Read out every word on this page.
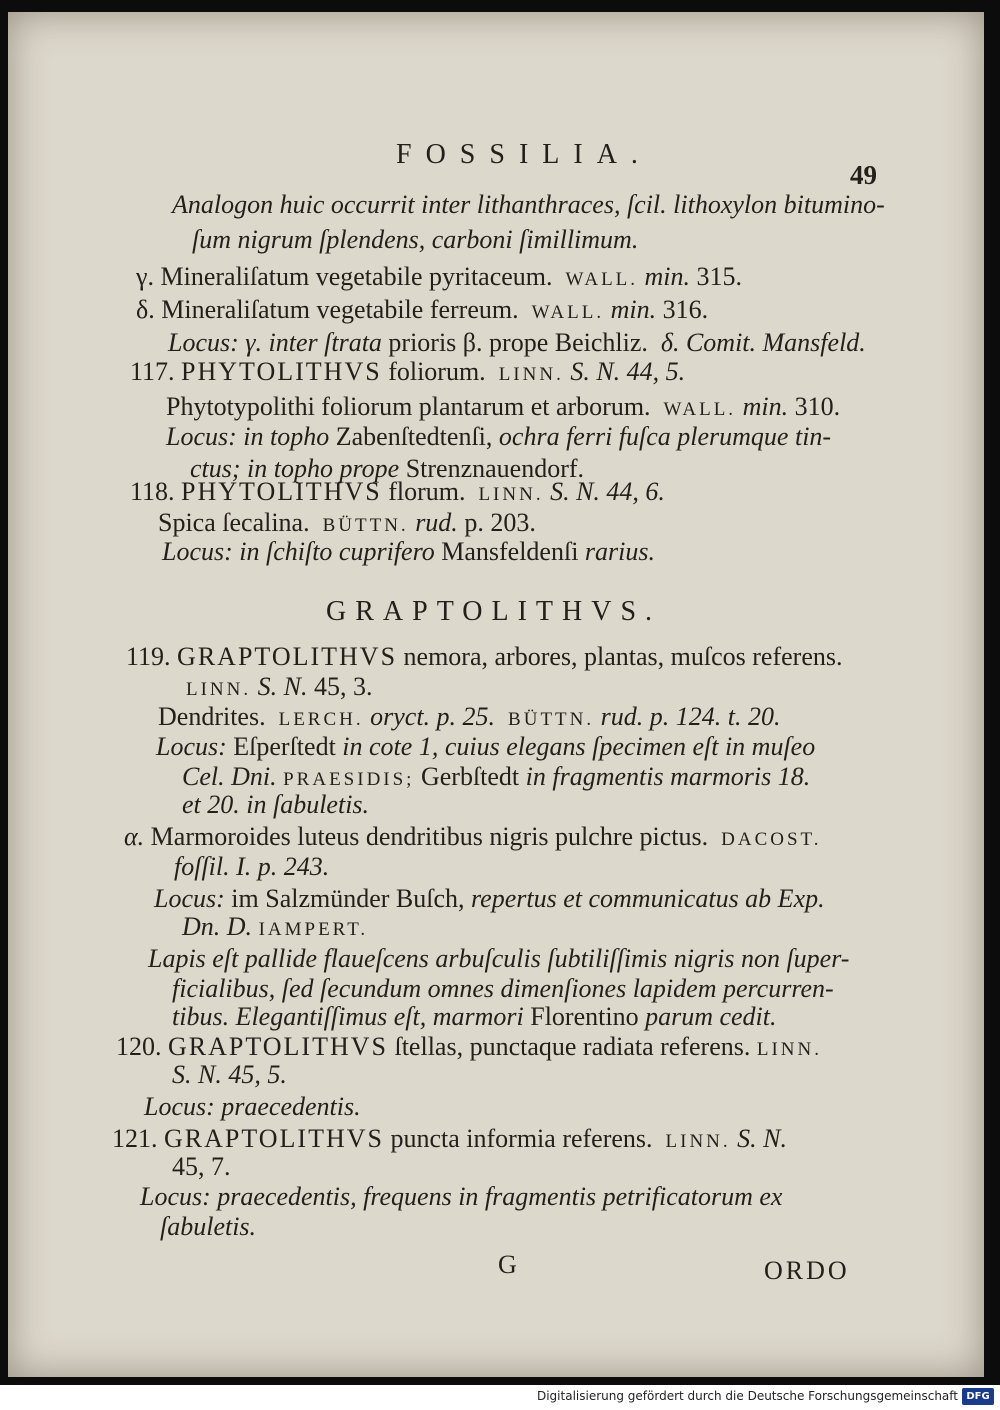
FOSSILIA.
49
Analogon huic occurrit inter lithanthraces, ſcil. lithoxylon bitumino-
ſum nigrum ſplendens, carboni ſimillimum.
γ. Mineraliſatum vegetabile pyritaceum. WALL. min. 315.
δ. Mineraliſatum vegetabile ferreum. WALL. min. 316.
Locus: γ. inter ſtrata prioris β. prope Beichliz. δ. Comit. Mansfeld.
117. PHYTOLITHVS foliorum. LINN. S. N. 44, 5.
Phytotypolithi foliorum plantarum et arborum. WALL. min. 310.
Locus: in topho Zabenſtedtenſi, ochra ferri fuſca plerumque tin-
ctus; in topho prope Strenznauendorf.
118. PHYTOLITHVS florum. LINN. S. N. 44, 6.
Spica ſecalina. BÜTTN. rud. p. 203.
Locus: in ſchiſto cuprifero Mansfeldenſi rarius.
GRAPTOLITHVS.
119. GRAPTOLITHVS nemora, arbores, plantas, muſcos referens.
LINN. S. N. 45, 3.
Dendrites. LERCH. oryct. p. 25. BÜTTN. rud. p. 124. t. 20.
Locus: Eſperſtedt in cote 1, cuius elegans ſpecimen eſt in muſeo
Cel. Dni. PRAESIDIS; Gerbſtedt in fragmentis marmoris 18.
et 20. in ſabuletis.
α. Marmoroides luteus dendritibus nigris pulchre pictus. DACOST.
foſſil. I. p. 243.
Locus: im Salzmünder Buſch, repertus et communicatus ab Exp.
Dn. D. IAMPERT.
Lapis eſt pallide flaueſcens arbuſculis ſubtiliſſimis nigris non ſuper-
ficialibus, ſed ſecundum omnes dimenſiones lapidem percurren-
tibus. Elegantiſſimus eſt, marmori Florentino parum cedit.
120. GRAPTOLITHVS ſtellas, punctaque radiata referens. LINN.
S. N. 45, 5.
Locus: praecedentis.
121. GRAPTOLITHVS puncta informia referens. LINN. S. N.
45, 7.
Locus: praecedentis, frequens in fragmentis petrificatorum ex
ſabuletis.
G	ORDO
Digitalisierung gefördert durch die Deutsche Forschungsgemeinschaft DFG
